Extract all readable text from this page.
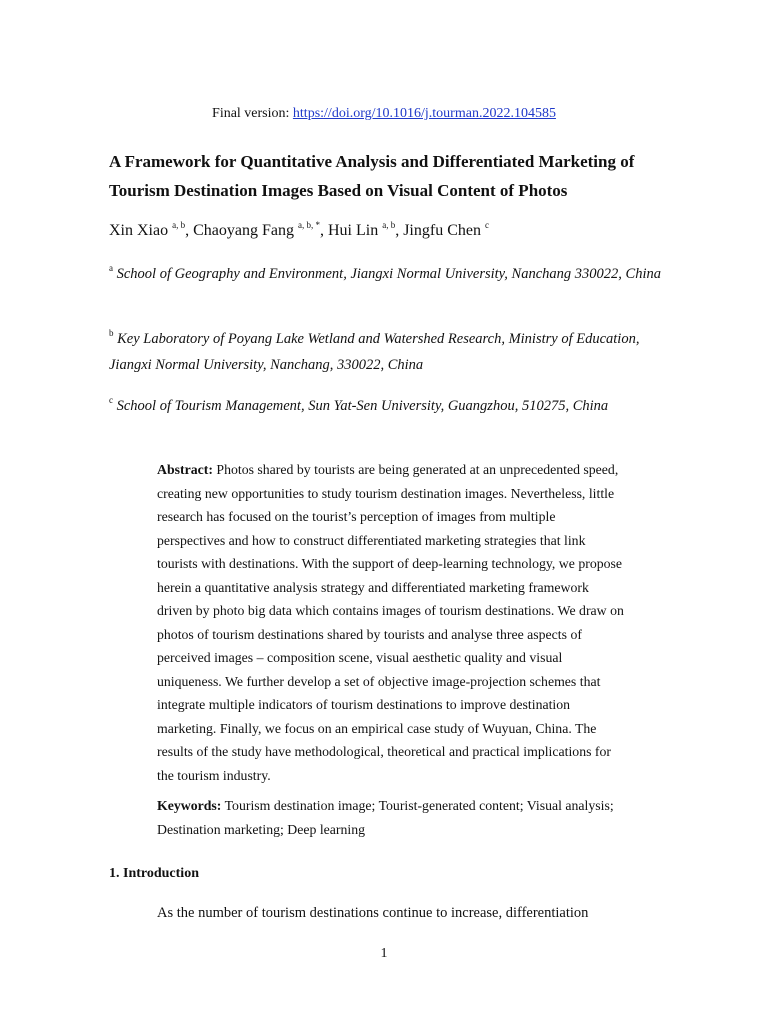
Final version: https://doi.org/10.1016/j.tourman.2022.104585
A Framework for Quantitative Analysis and Differentiated Marketing of Tourism Destination Images Based on Visual Content of Photos
Xin Xiao $^{a, b}$, Chaoyang Fang $^{a, b, *}$, Hui Lin $^{a, b}$, Jingfu Chen $^c$
$^a$ School of Geography and Environment, Jiangxi Normal University, Nanchang 330022, China
$^b$ Key Laboratory of Poyang Lake Wetland and Watershed Research, Ministry of Education, Jiangxi Normal University, Nanchang, 330022, China
$^c$ School of Tourism Management, Sun Yat-Sen University, Guangzhou, 510275, China
Abstract: Photos shared by tourists are being generated at an unprecedented speed, creating new opportunities to study tourism destination images. Nevertheless, little research has focused on the tourist’s perception of images from multiple perspectives and how to construct differentiated marketing strategies that link tourists with destinations. With the support of deep-learning technology, we propose herein a quantitative analysis strategy and differentiated marketing framework driven by photo big data which contains images of tourism destinations. We draw on photos of tourism destinations shared by tourists and analyse three aspects of perceived images – composition scene, visual aesthetic quality and visual uniqueness. We further develop a set of objective image-projection schemes that integrate multiple indicators of tourism destinations to improve destination marketing. Finally, we focus on an empirical case study of Wuyuan, China. The results of the study have methodological, theoretical and practical implications for the tourism industry.
Keywords: Tourism destination image; Tourist-generated content; Visual analysis; Destination marketing; Deep learning
1. Introduction
As the number of tourism destinations continue to increase, differentiation
1
